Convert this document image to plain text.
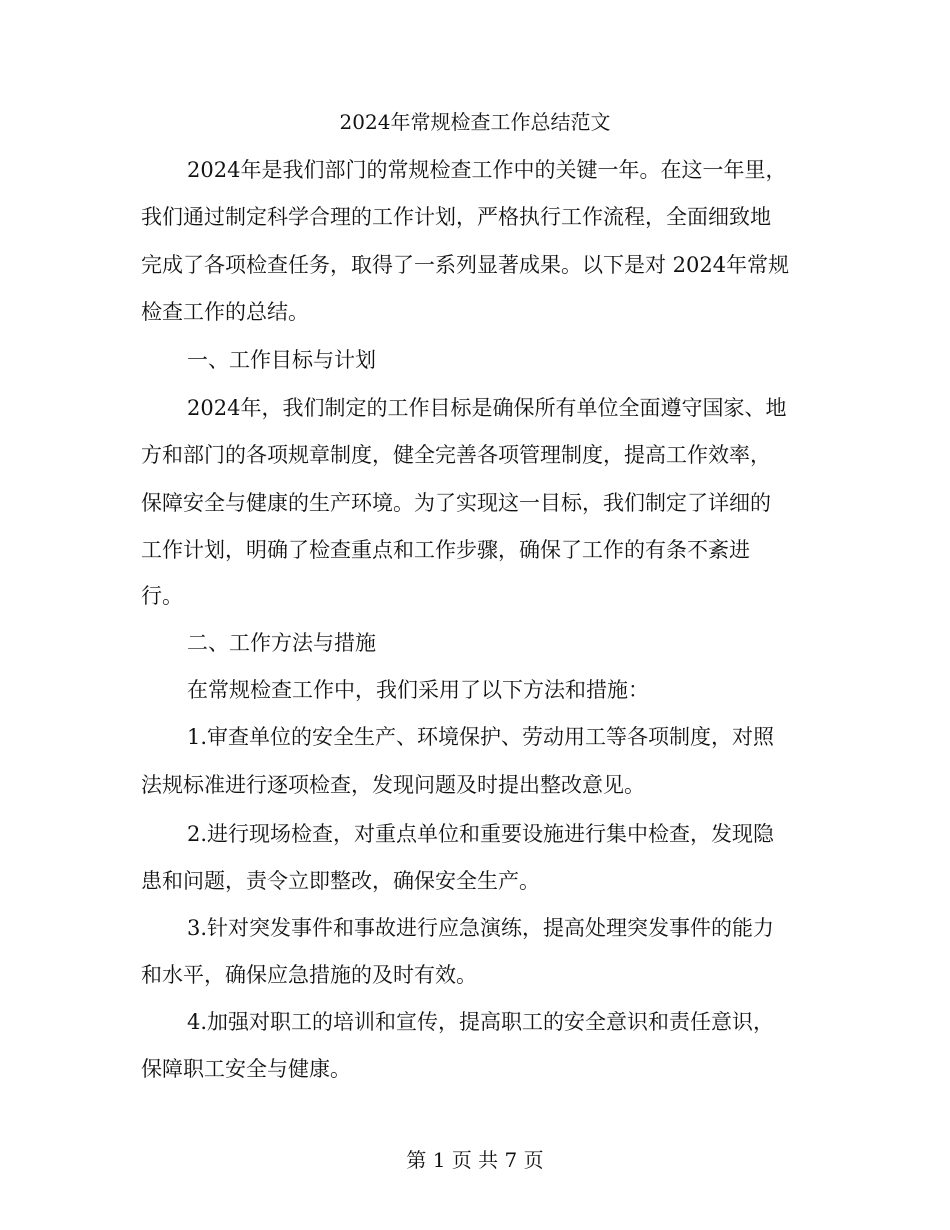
2024年常规检查工作总结范文
2024年是我们部门的常规检查工作中的关键一年。在这一年里，
我们通过制定科学合理的工作计划，严格执行工作流程，全面细致地
完成了各项检查任务，取得了一系列显著成果。以下是对 2024年常规
检查工作的总结。
一、工作目标与计划
2024年，我们制定的工作目标是确保所有单位全面遵守国家、地
方和部门的各项规章制度，健全完善各项管理制度，提高工作效率，
保障安全与健康的生产环境。为了实现这一目标，我们制定了详细的
工作计划，明确了检查重点和工作步骤，确保了工作的有条不紊进
行。
二、工作方法与措施
在常规检查工作中，我们采用了以下方法和措施：
1.审查单位的安全生产、环境保护、劳动用工等各项制度，对照
法规标准进行逐项检查，发现问题及时提出整改意见。
2.进行现场检查，对重点单位和重要设施进行集中检查，发现隐
患和问题，责令立即整改，确保安全生产。
3.针对突发事件和事故进行应急演练，提高处理突发事件的能力
和水平，确保应急措施的及时有效。
4.加强对职工的培训和宣传，提高职工的安全意识和责任意识，
保障职工安全与健康。
第 1 页 共 7 页
